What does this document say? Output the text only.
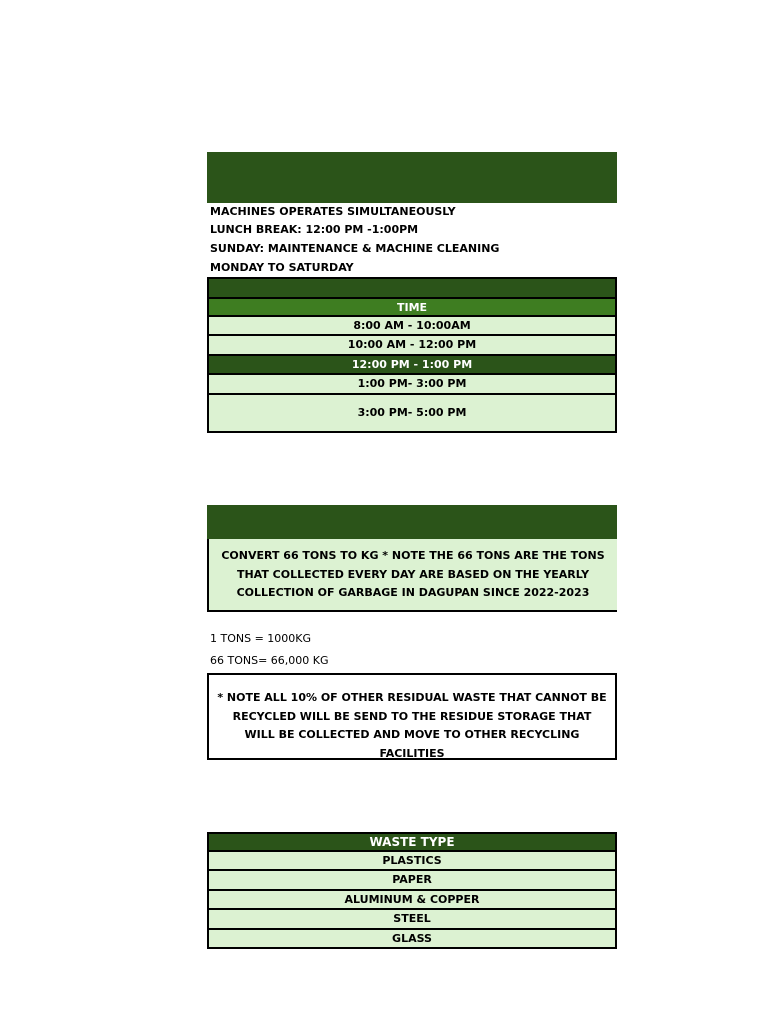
MACHINES OPERATES SIMULTANEOUSLY
LUNCH BREAK: 12:00 PM -1:00PM
SUNDAY: MAINTENANCE & MACHINE CLEANING
MONDAY TO SATURDAY
TIME
8:00 AM - 10:00AM
10:00 AM - 12:00 PM
12:00 PM - 1:00 PM
1:00 PM- 3:00 PM
3:00 PM- 5:00 PM
CONVERT 66 TONS TO KG * NOTE THE 66 TONS ARE THE TONS THAT COLLECTED EVERY DAY ARE BASED ON THE YEARLY COLLECTION OF GARBAGE IN DAGUPAN SINCE 2022-2023
1 TONS = 1000KG
66 TONS= 66,000 KG
* NOTE ALL 10% OF OTHER RESIDUAL WASTE THAT CANNOT BE RECYCLED WILL BE SEND TO THE RESIDUE STORAGE THAT WILL BE COLLECTED AND MOVE TO OTHER RECYCLING FACILITIES
WASTE TYPE
PLASTICS
PAPER
ALUMINUM & COPPER
STEEL
GLASS
